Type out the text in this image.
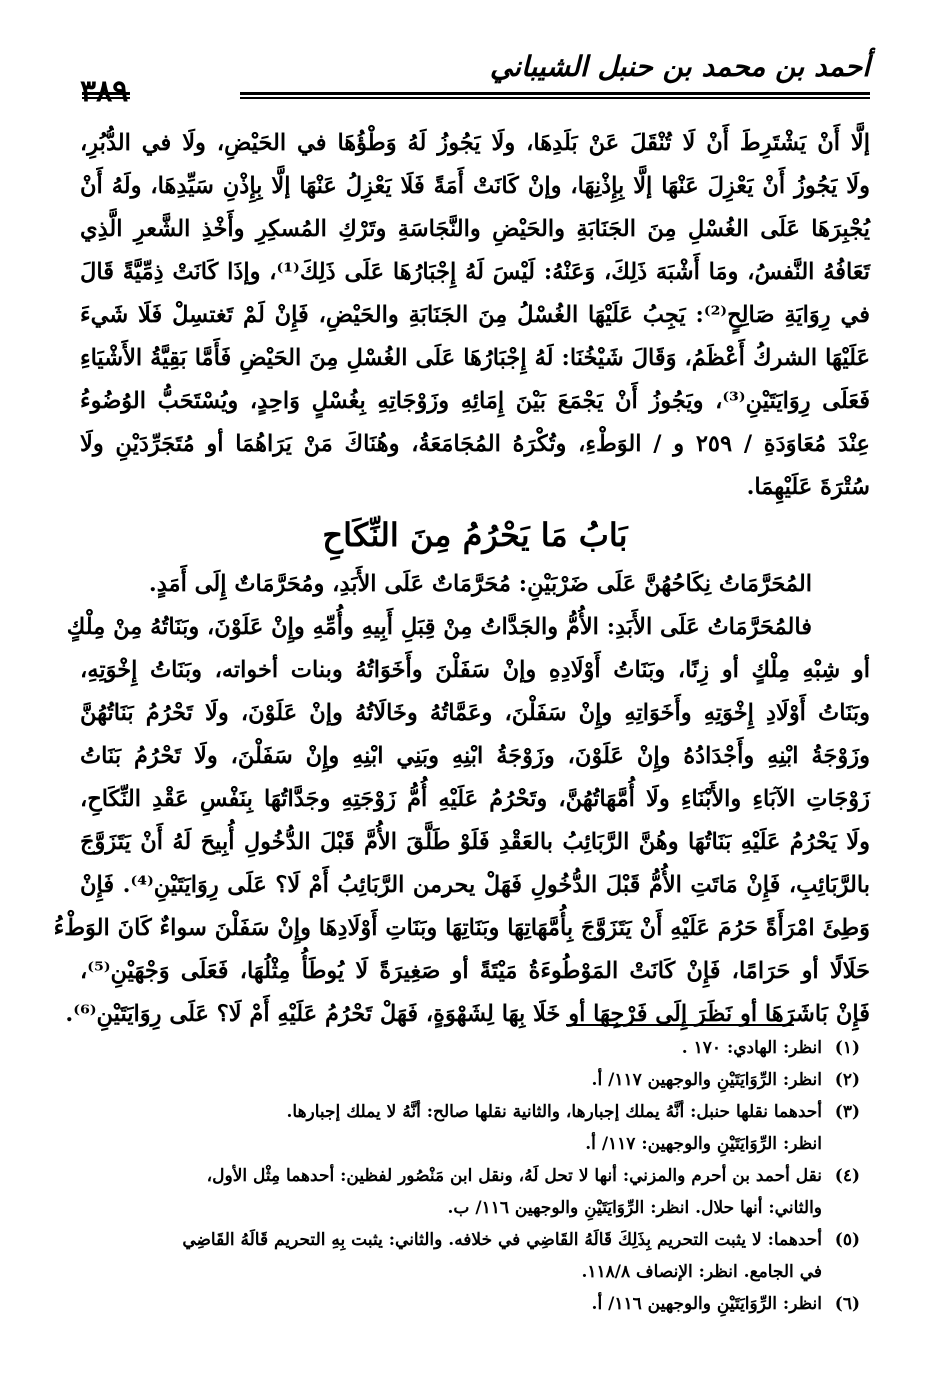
أحمد بن محمد بن حنبل الشيباني
٣٨٩
إلَّا أَنْ يَشْتَرِطَ أَنْ لَا تُنْقَلَ عَنْ بَلَدِهَا، ولَا يَجُوزُ لَهُ وَطْؤُهَا في الحَيْضِ، ولَا في الدُّبُرِ،
ولَا يَجُوزُ أَنْ يَعْزِلَ عَنْهَا إلَّا بِإِذْنِهَا، وإنْ كَانَتْ أَمَةً فَلَا يَعْزِلُ عَنْهَا إلَّا بِإِذْنِ سَيِّدِهَا، ولَهُ أَنْ
يُجْبِرَهَا عَلَى الغُسْلِ مِنَ الجَنَابَةِ والحَيْضِ والنَّجَاسَةِ وتَرْكِ المُسكِرِ وأَخْذِ الشَّعرِ الَّذِي
تَعَافُهُ النَّفسُ، ومَا أَشْبَهَ ذَلِكَ، وَعَنْهُ: لَيْسَ لَهُ إِجْبَارُهَا عَلَى ذَلِكَ⁽¹⁾، وإذَا كَانَتْ ذِمِّيَّةً قَالَ
في رِوَايَةِ صَالِحٍ⁽²⁾: يَجِبُ عَلَيْهَا الغُسْلُ مِنَ الجَنَابَةِ والحَيْضِ، فَإِنْ لَمْ تَغتسِلْ فَلَا شَيءَ
عَلَيْهَا الشركُ أَعْظَمُ، وَقَالَ شَيْخُنَا: لَهُ إِجْبَارُهَا عَلَى الغُسْلِ مِنَ الحَيْضِ فَأَمَّا بَقِيَّةُ الأَشْيَاءِ
فَعَلَى رِوَايَتَيْنِ⁽³⁾، ويَجُوزُ أَنْ يَجْمَعَ بَيْنَ إِمَائِهِ وزَوْجَاتِهِ بِغُسْلٍ وَاحِدٍ، ويُسْتَحَبُّ الوُضُوءُ
عِنْدَ مُعَاوَدَةِ / ٢٥٩ و / الوَطْءِ، وتُكْرَهُ المُجَامَعَةُ، وهُنَاكَ مَنْ يَرَاهُمَا أو مُتَجَرِّدَيْنِ ولَا
سُتْرَةَ عَلَيْهِمَا.
بَابُ مَا يَحْرُمُ مِنَ النِّكَاحِ
المُحَرَّمَاتُ نِكَاحُهُنَّ عَلَى ضَرْبَيْنِ: مُحَرَّمَاتٌ عَلَى الأَبَدِ، ومُحَرَّمَاتٌ إِلَى أَمَدٍ.
فالمُحَرَّمَاتُ عَلَى الأَبَدِ: الأُمُّ والجَدَّاتُ مِنْ قِبَلِ أَبِيهِ وأُمِّهِ وإِنْ عَلَوْنَ، وبَنَاتُهُ مِنْ مِلْكٍ
أو شِبْهِ مِلْكٍ أو زِنًا، وبَنَاتُ أَوْلَادِهِ وإنْ سَفَلْنَ وأَخَوَاتُهُ وبنات أخواته، وبَنَاتُ إِخْوَتِهِ،
وبَنَاتُ أَوْلَادِ إِخْوَتِهِ وأَخَوَاتِهِ وإِنْ سَفَلْنَ، وعَمَّاتُهُ وخَالَاتُهُ وإنْ عَلَوْنَ، ولَا تَحْرُمُ بَنَاتُهُنَّ
وزَوْجَةُ ابْنِهِ وأَجْدَادُهُ وإِنْ عَلَوْنَ، وزَوْجَةُ ابْنِهِ وبَنِي ابْنِهِ وإِنْ سَفَلْنَ، ولَا تَحْرُمُ بَنَاتُ
زَوْجَاتِ الآبَاءِ والأَبْنَاءِ ولَا أُمَّهَاتُهُنَّ، وتَحْرُمُ عَلَيْهِ أُمُّ زَوْجَتِهِ وجَدَّاتُهَا بِنَفْسِ عَقْدِ النِّكَاحِ،
ولَا يَحْرُمُ عَلَيْهِ بَنَاتُهَا وهُنَّ الرَّبَائِبُ بالعَقْدِ فَلَوْ طَلَّقَ الأُمَّ قَبْلَ الدُّخُولِ أُبِيحَ لَهُ أَنْ يَتَزَوَّجَ
بالرَّبَائِبِ، فَإِنْ مَاتَتِ الأُمُّ قَبْلَ الدُّخُولِ فَهَلْ يحرمن الرَّبَائِبُ أَمْ لَا؟ عَلَى رِوَايَتَيْنِ⁽⁴⁾. فَإِنْ
وَطِئَ امْرَأَةً حَرُمَ عَلَيْهِ أَنْ يَتَزَوَّجَ بِأُمَّهَاتِهَا وبَنَاتِهَا وبَنَاتِ أَوْلَادِهَا وإِنْ سَفَلْنَ سواءٌ كَانَ الوَطْءُ
حَلَالًا أو حَرَامًا، فَإِنْ كَانَتْ المَوْطُوءَةُ مَيْتَةً أو صَغِيرَةً لَا يُوطَأُ مِثْلُهَا، فَعَلَى وَجْهَيْنِ⁽⁵⁾،
فَإِنْ بَاشَرَهَا أو نَظَرَ إِلَى فَرْجِهَا أو خَلَا بِهَا لِشَهْوَةٍ، فَهَلْ تَحْرُمُ عَلَيْهِ أَمْ لَا؟ عَلَى رِوَايَتَيْنِ⁽⁶⁾.
(١)انظر: الهادي: ١٧٠ .
(٢)انظر: الرِّوَايَتَيْنِ والوجهين ١١٧/ أ.
(٣)أحدهما نقلها حنبل: أنَّهُ يملك إجبارها، والثانية نقلها صالح: أنَّهُ لا يملك إجبارها.
انظر: الرِّوَايَتَيْنِ والوجهين: ١١٧/ أ.
(٤)نقل أحمد بن أحرم والمزني: أنها لا تحل لَهُ، ونقل ابن مَنْصُور لفظين: أحدهما مِثْل الأول،
والثاني: أنها حلال. انظر: الرِّوَايَتَيْنِ والوجهين ١١٦/ ب.
(٥)أحدهما: لا يثبت التحريم بِذَلِكَ قَالَهُ القَاضِي في خلافه. والثاني: يثبت بِهِ التحريم قَالَهُ القَاضِي
في الجامع. انظر: الإنصاف ١١٨/٨.
(٦)انظر: الرِّوَايَتَيْنِ والوجهين ١١٦/ أ.
